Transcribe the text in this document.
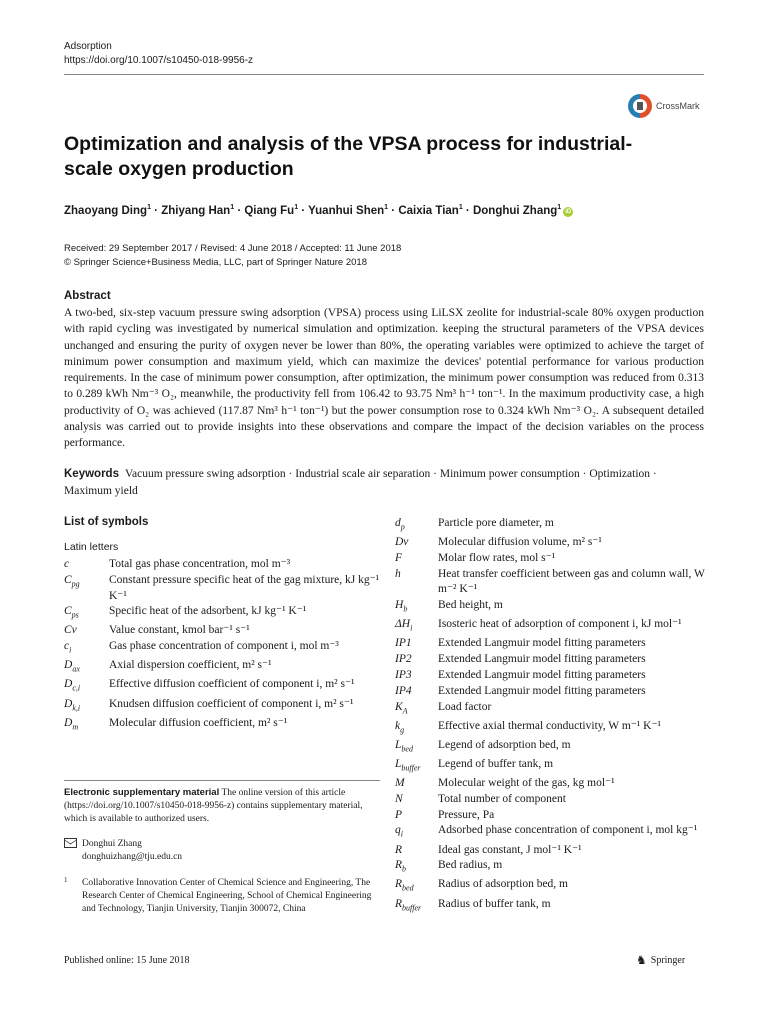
Adsorption
https://doi.org/10.1007/s10450-018-9956-z
CrossMark
Optimization and analysis of the VPSA process for industrial-scale oxygen production
Zhaoyang Ding$^1$ · Zhiyang Han$^1$ · Qiang $Fu^1$ · Yuanhui Shen$^1$ · Caixia Tian$^1$ · Donghui Zhang$^1$iD
Received: 29 September 2017 / Revised: 4 June 2018 / Accepted: 11 June 2018
© Springer Science+Business Media, LLC, part of Springer Nature 2018
Abstract
A two-bed, six-step vacuum pressure swing adsorption (VPSA) process using LiLSX zeolite for industrial-scale 80% oxygen production with rapid cycling was investigated by numerical simulation and optimization. keeping the structural parameters of the VPSA devices unchanged and ensuring the purity of oxygen never be lower than 80%, the operating variables were optimized to achieve the target of minimum power consumption and maximum yield, which can maximize the devices' potential performance for various production requirements. In the case of minimum power consumption, after optimization, the minimum power consumption was reduced from 0.313 to 0.289 kWh Nm⁻³ O₂, meanwhile, the productivity fell from 106.42 to 93.75 Nm³ h⁻¹ ton⁻¹. In the maximum productivity case, a high productivity of O₂ was achieved (117.87 Nm³ h⁻¹ ton⁻¹) but the power consumption rose to 0.324 kWh Nm⁻³ O₂. A subsequent detailed analysis was carried out to provide insights into these observations and compare the impact of the decision variables on the process performance.
Keywords Vacuum pressure swing adsorption · Industrial scale air separation · Minimum power consumption · Optimization · Maximum yield
List of symbols
Latin letters
c	Total gas phase concentration, mol m⁻³
$C_{pg}$	Constant pressure specific heat of the gag mixture, kJ kg⁻¹ K⁻¹
$C_{ps}$	Specific heat of the adsorbent, kJ kg⁻¹ K⁻¹
Cv	Value constant, kmol bar⁻¹ s⁻¹
$c_i$	Gas phase concentration of component i, mol m⁻³
$D_{ax}$	Axial dispersion coefficient, m² s⁻¹
$D_{c,i}$	Effective diffusion coefficient of component i, m² s⁻¹
$D_{k,i}$	Knudsen diffusion coefficient of component i, m² s⁻¹
$D_m$	Molecular diffusion coefficient, m² s⁻¹
$d_p$	Particle pore diameter, m
Dv	Molecular diffusion volume, m² s⁻¹
F	Molar flow rates, mol s⁻¹
h	Heat transfer coefficient between gas and column wall, W m⁻² K⁻¹
$H_b$	Bed height, m
$\Delta H_i$	Isosteric heat of adsorption of component i, kJ mol⁻¹
IP1	Extended Langmuir model fitting parameters
IP2	Extended Langmuir model fitting parameters
IP3	Extended Langmuir model fitting parameters
IP4	Extended Langmuir model fitting parameters
$K_A$	Load factor
$k_g$	Effective axial thermal conductivity, W m⁻¹ K⁻¹
$L_{bed}$	Legend of adsorption bed, m
$L_{buffer}$	Legend of buffer tank, m
M	Molecular weight of the gas, kg mol⁻¹
N	Total number of component
P	Pressure, Pa
$q_i$	Adsorbed phase concentration of component i, mol kg⁻¹
R	Ideal gas constant, J mol⁻¹ K⁻¹
$R_b$	Bed radius, m
$R_{bed}$	Radius of adsorption bed, m
$R_{buffer}$	Radius of buffer tank, m
Electronic supplementary material The online version of this article (https://doi.org/10.1007/s10450-018-9956-z) contains supplementary material, which is available to authorized users.
Donghui Zhang
donghuizhang@tju.edu.cn
1 Collaborative Innovation Center of Chemical Science and Engineering, The Research Center of Chemical Engineering, School of Chemical Engineering and Technology, Tianjin University, Tianjin 300072, China
Published online: 15 June 2018	♞ Springer
